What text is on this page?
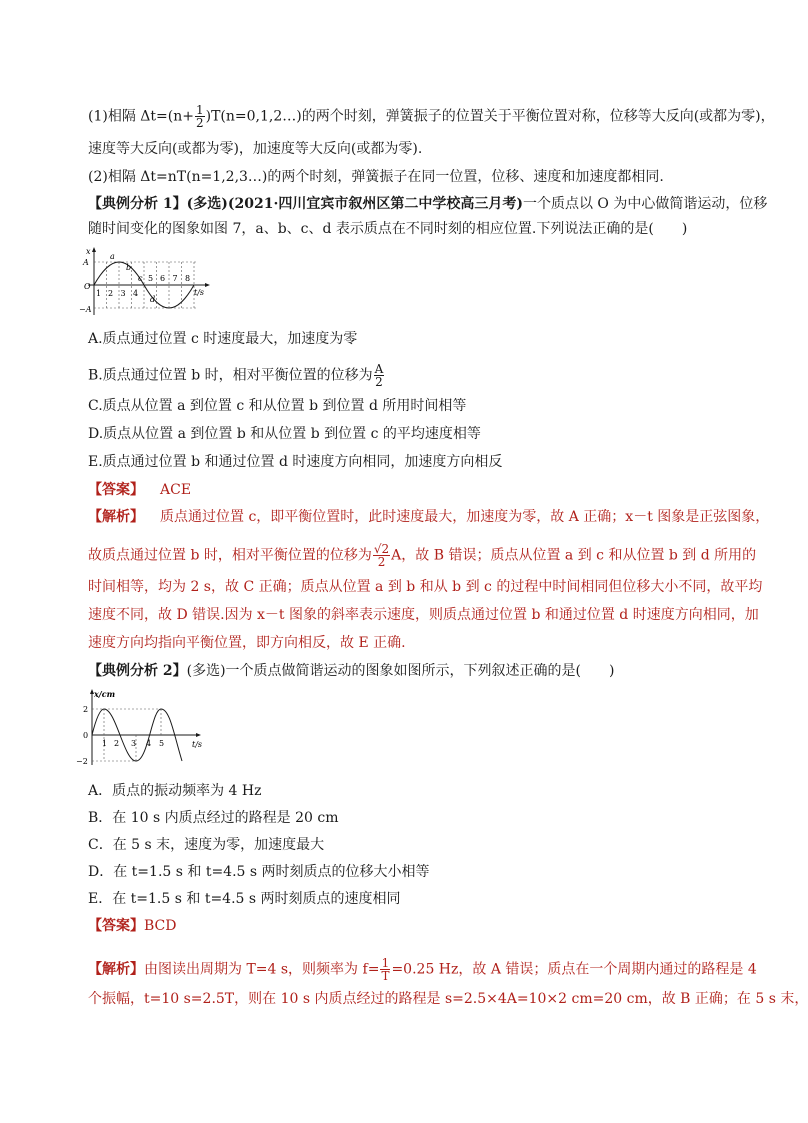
(1)相隔 $\Delta t=(n+ \frac{1}{2}$ )T(n=0,1,2…)的两个时刻，弹簧振子的位置关于平衡位置对称，位移等大反向(或都为零)，
速度等大反向(或都为零)，加速度等大反向(或都为零).
(2)相隔 Δt=nT(n=1,2,3…)的两个时刻，弹簧振子在同一位置，位移、速度和加速度都相同.
【典例分析 1】(多选)(2021·四川宜宾市叙州区第二中学校高三月考)一个质点以 O 为中心做简谐运动，位移
随时间变化的图象如图 7，a、b、c、d 表示质点在不同时刻的相应位置.下列说法正确的是(　　)
x
t/s
A
−A
O
1 2 3 4
5 6 7 8
a
b
c
d
A.质点通过位置 c 时速度最大，加速度为零
B.质点通过位置 b 时，相对平衡位置的位移为 $\frac{A}{2}$
C.质点从位置 a 到位置 c 和从位置 b 到位置 d 所用时间相等
D.质点从位置 a 到位置 b 和从位置 b 到位置 c 的平均速度相等
E.质点通过位置 b 和通过位置 d 时速度方向相同，加速度方向相反
【答案】 ACE
【解析】 质点通过位置 c，即平衡位置时，此时速度最大，加速度为零，故 A 正确；x－t 图象是正弦图象，
故质点通过位置 b 时，相对平衡位置的位移为 $\frac{√2}{2}$ A，故 B 错误；质点从位置 a 到 c 和从位置 b 到 d 所用的
时间相等，均为 2 s，故 C 正确；质点从位置 a 到 b 和从 b 到 c 的过程中时间相同但位移大小不同，故平均
速度不同，故 D 错误.因为 x－t 图象的斜率表示速度，则质点通过位置 b 和通过位置 d 时速度方向相同，加
速度方向均指向平衡位置，即方向相反，故 E 正确.
【典例分析 2】(多选)一个质点做简谐运动的图象如图所示，下列叙述正确的是(　　)
x/cm
t/s
2
0
−2
1 2 3 4 5
A．质点的振动频率为 4 Hz
B．在 10 s 内质点经过的路程是 20 cm
C．在 5 s 末，速度为零，加速度最大
D．在 t=1.5 s 和 t=4.5 s 两时刻质点的位移大小相等
E．在 t=1.5 s 和 t=4.5 s 两时刻质点的速度相同
【答案】BCD
【解析】由图读出周期为 T=4 s，则频率为 $f= \frac{1}{T} =0.25$ Hz，故 A 错误；质点在一个周期内通过的路程是 4
个振幅，t=10 s=2.5T，则在 10 s 内质点经过的路程是 s=2.5×4A=10×2 cm=20 cm，故 B 正确；在 5 s 末，
